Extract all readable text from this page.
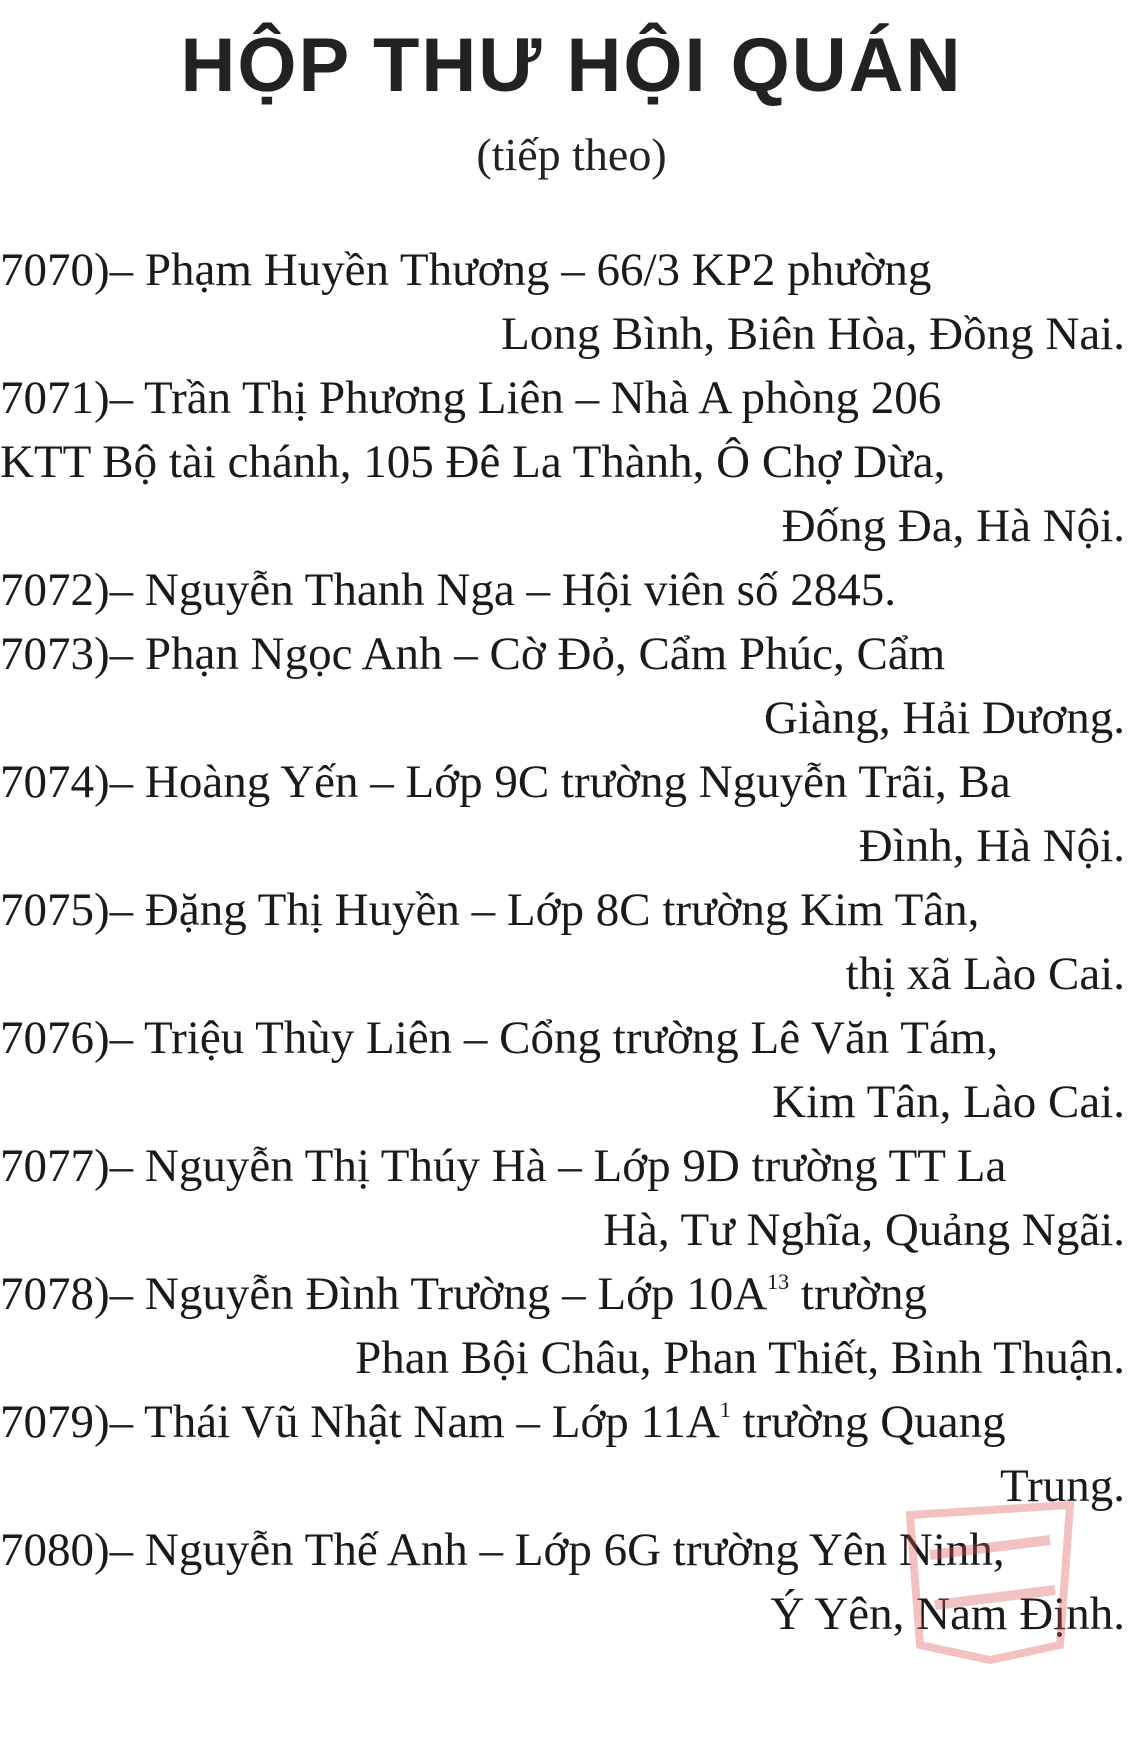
HỘP THƯ HỘI QUÁN
(tiếp theo)
7070)– Phạm Huyền Thương – 66/3 KP2 phường
Long Bình, Biên Hòa, Đồng Nai.
7071)– Trần Thị Phương Liên – Nhà A phòng 206
KTT Bộ tài chánh, 105 Đê La Thành, Ô Chợ Dừa,
Đống Đa, Hà Nội.
7072)– Nguyễn Thanh Nga – Hội viên số 2845.
7073)– Phạn Ngọc Anh – Cờ Đỏ, Cẩm Phúc, Cẩm
Giàng, Hải Dương.
7074)– Hoàng Yến – Lớp 9C trường Nguyễn Trãi, Ba
Đình, Hà Nội.
7075)– Đặng Thị Huyền – Lớp 8C trường Kim Tân,
thị xã Lào Cai.
7076)– Triệu Thùy Liên – Cổng trường Lê Văn Tám,
Kim Tân, Lào Cai.
7077)– Nguyễn Thị Thúy Hà – Lớp 9D trường TT La
Hà, Tư Nghĩa, Quảng Ngãi.
7078)– Nguyễn Đình Trường – Lớp $10A^{13}$ trường
Phan Bội Châu, Phan Thiết, Bình Thuận.
7079)– Thái Vũ Nhật Nam – Lớp $11A^1$ trường Quang
Trung.
7080)– Nguyễn Thế Anh – Lớp 6G trường Yên Ninh,
Ý Yên, Nam Định.
